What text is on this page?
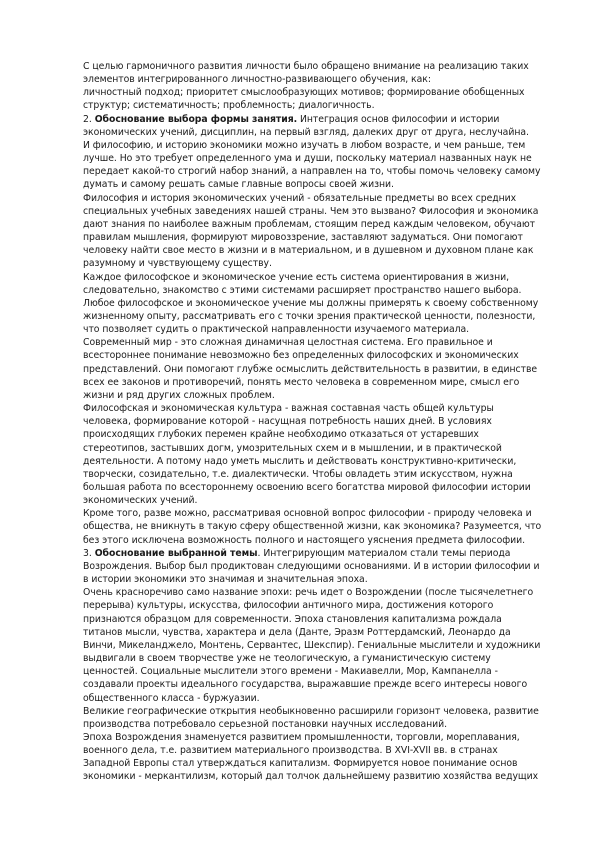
С целью гармоничного развития личности было обращено внимание на реализацию таких элементов интегрированного личностно-развивающего обучения, как:

личностный подход; приоритет смыслообразующих мотивов; формирование обобщенных структур; систематичность; проблемность; диалогичность.

2. Обоснование выбора формы занятия. Интеграция основ философии и истории экономических учений, дисциплин, на первый взгляд, далеких друг от друга, неслучайна.

И философию, и историю экономики можно изучать в любом возрасте, и чем раньше, тем лучше. Но это требует определенного ума и души, поскольку материал названных наук не передает какой-то строгий набор знаний, а направлен на то, чтобы помочь человеку самому думать и самому решать самые главные вопросы своей жизни.

Философия и история экономических учений - обязательные предметы во всех средних специальных учебных заведениях нашей страны. Чем это вызвано? Философия и экономика дают знания по наиболее важным проблемам, стоящим перед каждым человеком, обучают правилам мышления, формируют мировоззрение, заставляют задуматься. Они помогают человеку найти свое место в жизни и в материальном, и в душевном и духовном плане как разумному и чувствующему существу.

Каждое философское и экономическое учение есть система ориентирования в жизни, следовательно, знакомство с этими системами расширяет пространство нашего выбора. Любое философское и экономическое учение мы должны примерять к своему собственному жизненному опыту, рассматривать его с точки зрения практической ценности, полезности, что позволяет судить о практической направленности изучаемого материала.

Современный мир - это сложная динамичная целостная система. Его правильное и всестороннее понимание невозможно без определенных философских и экономических представлений. Они помогают глубже осмыслить действительность в развитии, в единстве всех ее законов и противоречий, понять место человека в современном мире, смысл его жизни и ряд других сложных проблем.

Философская и экономическая культура - важная составная часть общей культуры человека, формирование которой - насущная потребность наших дней. В условиях происходящих глубоких перемен крайне необходимо отказаться от устаревших стереотипов, застывших догм, умозрительных схем и в мышлении, и в практической деятельности. А потому надо уметь мыслить и действовать конструктивно-критически, творчески, созидательно, т.е. диалектически. Чтобы овладеть этим искусством, нужна большая работа по всестороннему освоению всего богатства мировой философии истории экономических учений.

Кроме того, разве можно, рассматривая основной вопрос философии - природу человека и общества, не вникнуть в такую сферу общественной жизни, как экономика? Разумеется, что без этого исключена возможность полного и настоящего уяснения предмета философии.

3. Обоснование выбранной темы. Интегрирующим материалом стали темы периода Возрождения. Выбор был продиктован следующими основаниями. И в истории философии и в истории экономики это значимая и значительная эпоха.

Очень красноречиво само название эпохи: речь идет о Возрождении (после тысячелетнего перерыва) культуры, искусства, философии античного мира, достижения которого признаются образцом для современности. Эпоха становления капитализма рождала титанов мысли, чувства, характера и дела (Данте, Эразм Роттердамский, Леонардо да Винчи, Микеланджело, Монтень, Сервантес, Шекспир). Гениальные мыслители и художники выдвигали в своем творчестве уже не теологическую, а гуманистическую систему ценностей. Социальные мыслители этого времени - Макиавелли, Мор, Кампанелла - создавали проекты идеального государства, выражавшие прежде всего интересы нового общественного класса - буржуазии.

Великие географические открытия необыкновенно расширили горизонт человека, развитие производства потребовало серьезной постановки научных исследований.

Эпоха Возрождения знаменуется развитием промышленности, торговли, мореплавания, военного дела, т.е. развитием материального производства. В XVI-XVII вв. в странах Западной Европы стал утверждаться капитализм. Формируется новое понимание основ экономики - меркантилизм, который дал толчок дальнейшему развитию хозяйства ведущих
